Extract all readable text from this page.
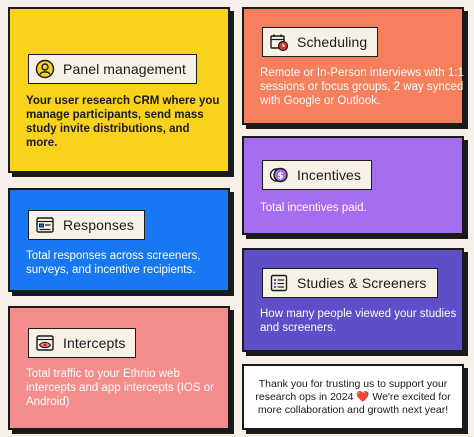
Panel management
Your user research CRM where you manage participants, send mass study invite distributions, and more.
Responses
Total responses across screeners, surveys, and incentive recipients.
Intercepts
Total traffic to your Ethnio web intercepts and app intercepts (IOS or Android)
Scheduling
Remote or In-Person interviews with 1:1 sessions or focus groups, 2 way synced with Google or Outlook.
$ Incentives
Total incentives paid.
Studies & Screeners
How many people viewed your studies and screeners.
Thank you for trusting us to support your research ops in 2024 ❤️ We're excited for more collaboration and growth next year!
